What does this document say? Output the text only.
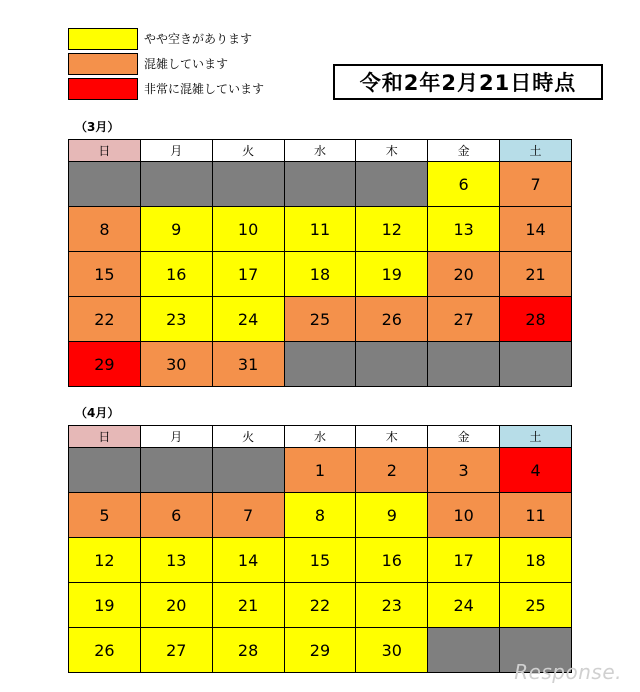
やや空きがあります
混雑しています
非常に混雑しています	令和2年2月21日時点
（3月）
日	月	火	水	木	金	土
					6	7
8	9	10	11	12	13	14
15	16	17	18	19	20	21
22	23	24	25	26	27	28
29	30	31				
（4月）
日	月	火	水	木	金	土
			1	2	3	4
5	6	7	8	9	10	11
12	13	14	15	16	17	18
19	20	21	22	23	24	25
26	27	28	29	30		
Response.
